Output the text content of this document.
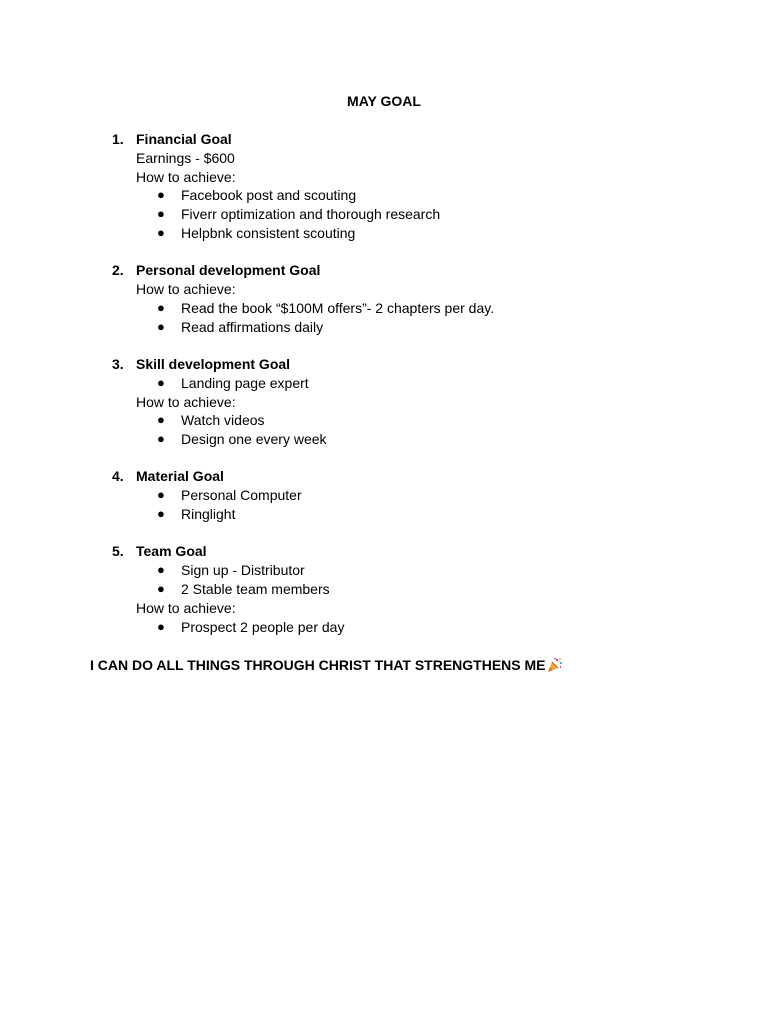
MAY GOAL
1. Financial Goal
Earnings - $600
How to achieve:
● Facebook post and scouting
● Fiverr optimization and thorough research
● Helpbnk consistent scouting
2. Personal development Goal
How to achieve:
● Read the book “$100M offers”- 2 chapters per day.
● Read affirmations daily
3. Skill development Goal
● Landing page expert
How to achieve:
● Watch videos
● Design one every week
4. Material Goal
● Personal Computer
● Ringlight
5. Team Goal
● Sign up - Distributor
● 2 Stable team members
How to achieve:
● Prospect 2 people per day
I CAN DO ALL THINGS THROUGH CHRIST THAT STRENGTHENS ME
